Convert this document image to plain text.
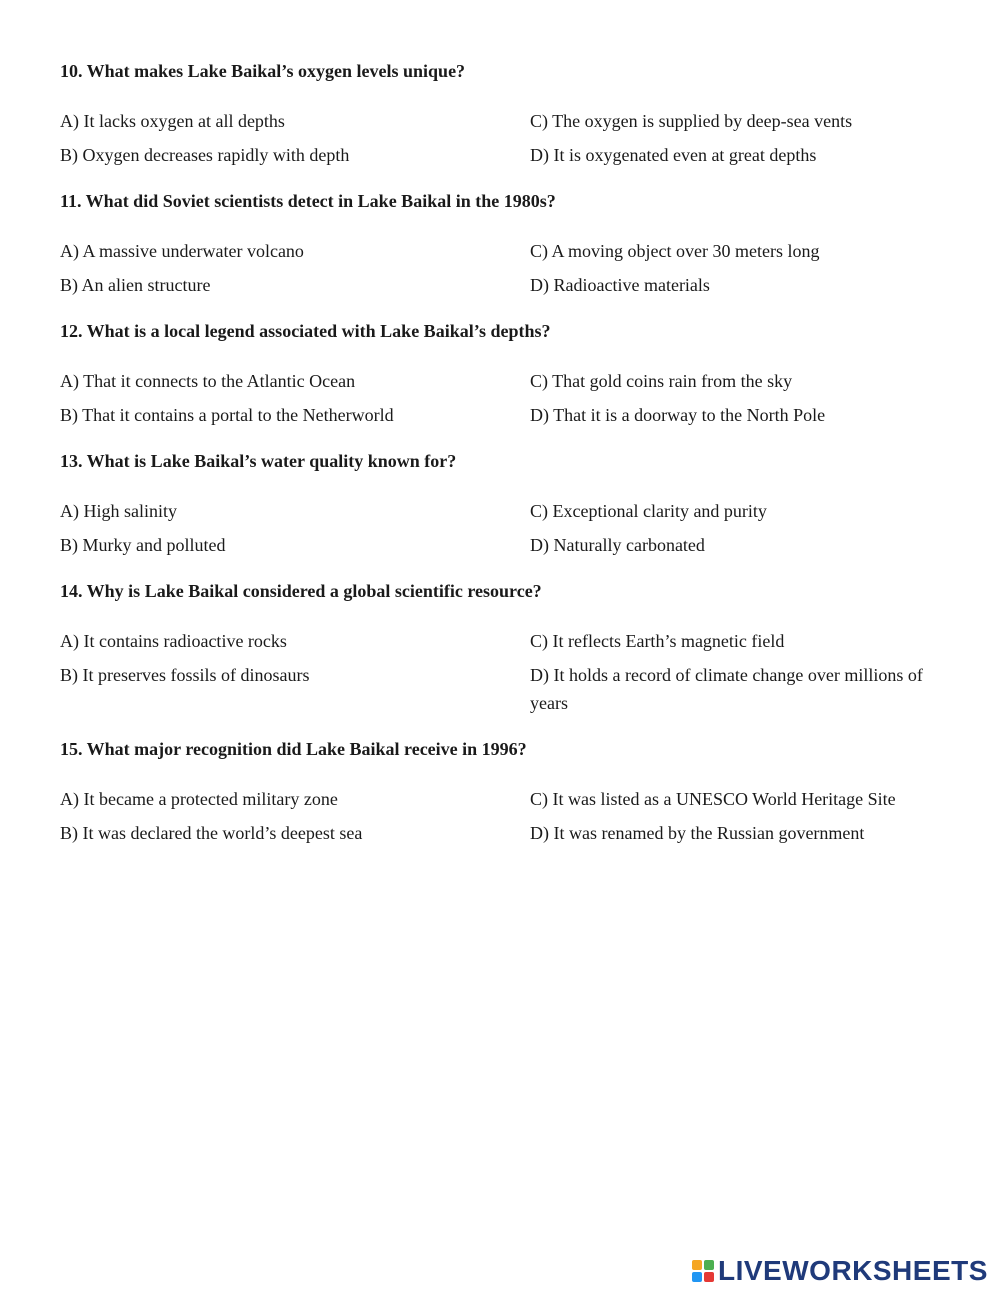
10. What makes Lake Baikal’s oxygen levels unique?
A) It lacks oxygen at all depths	C) The oxygen is supplied by deep-sea vents
B) Oxygen decreases rapidly with depth	D) It is oxygenated even at great depths
11. What did Soviet scientists detect in Lake Baikal in the 1980s?
A) A massive underwater volcano	C) A moving object over 30 meters long
B) An alien structure	D) Radioactive materials
12. What is a local legend associated with Lake Baikal’s depths?
A) That it connects to the Atlantic Ocean	C) That gold coins rain from the sky
B) That it contains a portal to the Netherworld	D) That it is a doorway to the North Pole
13. What is Lake Baikal’s water quality known for?
A) High salinity	C) Exceptional clarity and purity
B) Murky and polluted	D) Naturally carbonated
14. Why is Lake Baikal considered a global scientific resource?
A) It contains radioactive rocks	C) It reflects Earth’s magnetic field
B) It preserves fossils of dinosaurs	D) It holds a record of climate change over millions of years
15. What major recognition did Lake Baikal receive in 1996?
A) It became a protected military zone	C) It was listed as a UNESCO World Heritage Site
B) It was declared the world’s deepest sea	D) It was renamed by the Russian government
LIVEWORKSHEETS
